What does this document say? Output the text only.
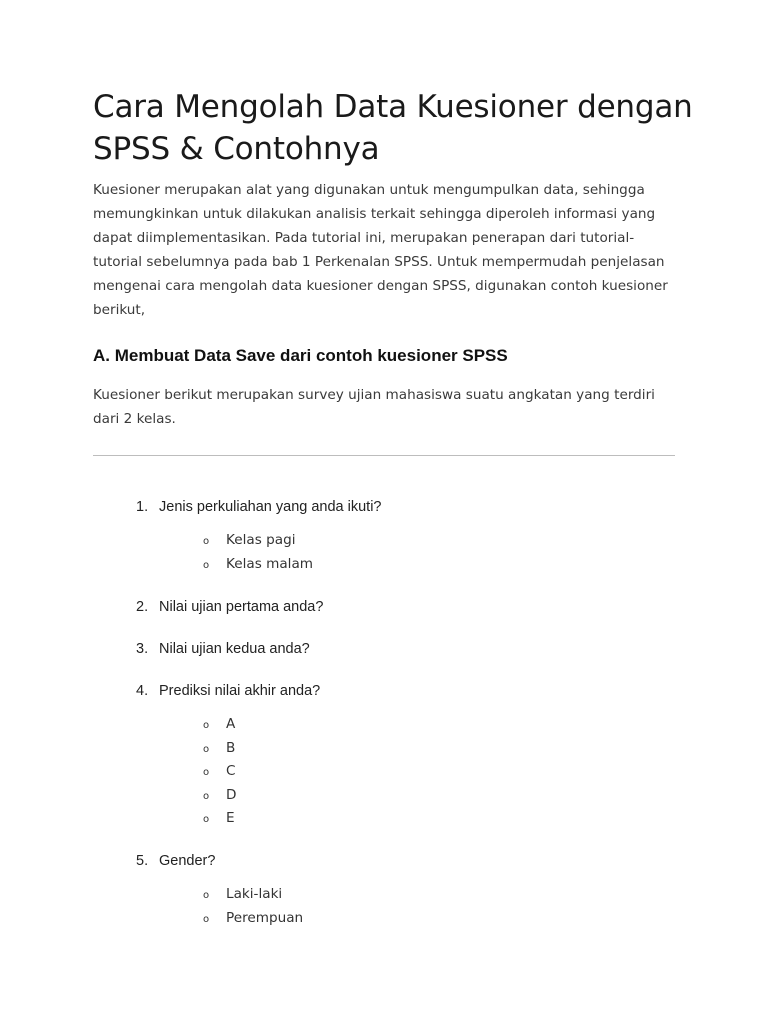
Cara Mengolah Data Kuesioner dengan SPSS & Contohnya

Kuesioner merupakan alat yang digunakan untuk mengumpulkan data, sehingga memungkinkan untuk dilakukan analisis terkait sehingga diperoleh informasi yang dapat diimplementasikan. Pada tutorial ini, merupakan penerapan dari tutorial-tutorial sebelumnya pada bab 1 Perkenalan SPSS. Untuk mempermudah penjelasan mengenai cara mengolah data kuesioner dengan SPSS, digunakan contoh kuesioner berikut,

A. Membuat Data Save dari contoh kuesioner SPSS

Kuesioner berikut merupakan survey ujian mahasiswa suatu angkatan yang terdiri dari 2 kelas.

1. Jenis perkuliahan yang anda ikuti?
o Kelas pagi
o Kelas malam
2. Nilai ujian pertama anda?
3. Nilai ujian kedua anda?
4. Prediksi nilai akhir anda?
o A
o B
o C
o D
o E
5. Gender?
o Laki-laki
o Perempuan
